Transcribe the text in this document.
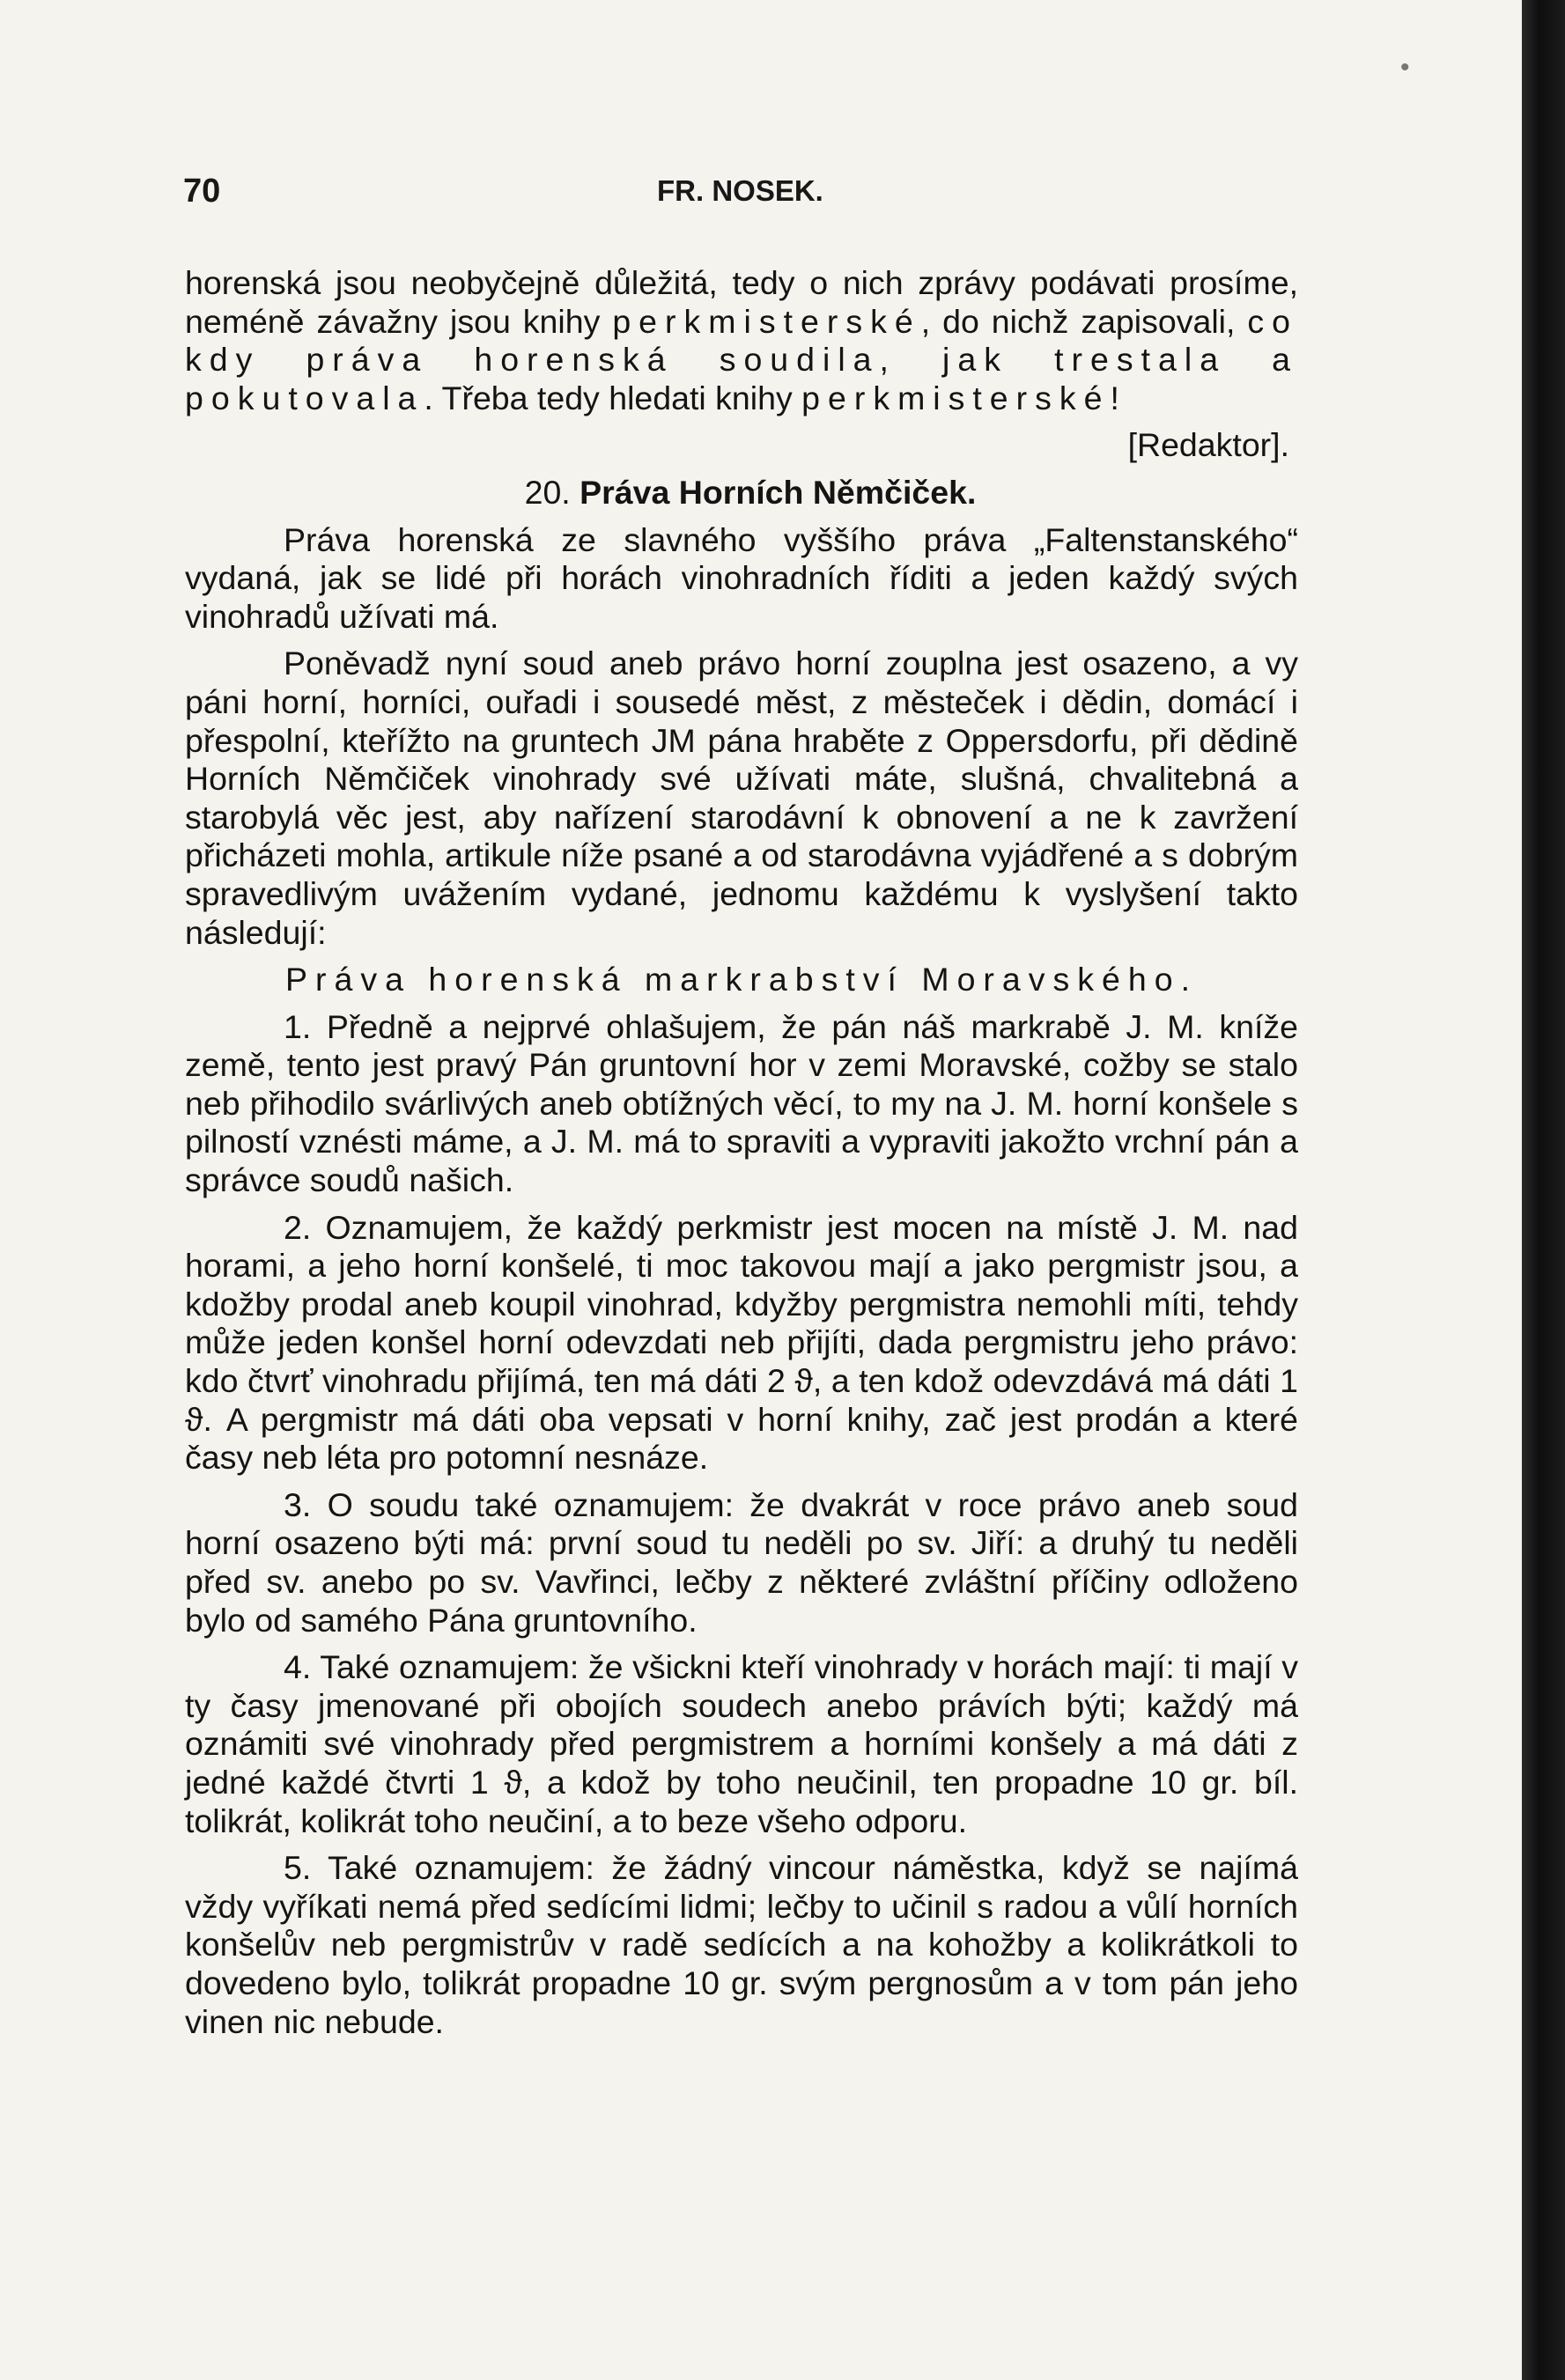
70	FR. NOSEK.

horenská jsou neobyčejně důležitá, tedy o nich zprávy podávati prosíme, neméně závažny jsou knihy perkmisterské, do nichž zapisovali, co kdy práva horenská soudila, jak trestala a pokutovala. Třeba tedy hledati knihy perkmisterské!

[Redaktor].

20. Práva Horních Němčiček.

Práva horenská ze slavného vyššího práva „Faltenstanského“ vydaná, jak se lidé při horách vinohradních říditi a jeden každý svých vinohradů užívati má.

Poněvadž nyní soud aneb právo horní zouplna jest osazeno, a vy páni horní, horníci, ouřadi i sousedé měst, z městeček i dědin, domácí i přespolní, kteřížto na gruntech JM pána hraběte z Oppersdorfu, při dědině Horních Němčiček vinohrady své užívati máte, slušná, chvalitebná a starobylá věc jest, aby nařízení starodávní k obnovení a ne k zavržení přicházeti mohla, artikule níže psané a od starodávna vyjádřené a s dobrým spravedlivým uvážením vydané, jednomu každému k vyslyšení takto následují:

Práva horenská markrabství Moravského.

1. Předně a nejprvé ohlašujem, že pán náš markrabě J. M. kníže země, tento jest pravý Pán gruntovní hor v zemi Moravské, cožby se stalo neb přihodilo svárlivých aneb obtížných věcí, to my na J. M. horní konšele s pilností vznésti máme, a J. M. má to spraviti a vypraviti jakožto vrchní pán a správce soudů našich.

2. Oznamujem, že každý perkmistr jest mocen na místě J. M. nad horami, a jeho horní konšelé, ti moc takovou mají a jako pergmistr jsou, a kdožby prodal aneb koupil vinohrad, kdyžby pergmistra nemohli míti, tehdy může jeden konšel horní odevzdati neb přijíti, dada pergmistru jeho právo: kdo čtvrť vinohradu přijímá, ten má dáti 2 ϑ, a ten kdož odevzdává má dáti 1 ϑ. A pergmistr má dáti oba vepsati v horní knihy, zač jest prodán a které časy neb léta pro potomní nesnáze.

3. O soudu také oznamujem: že dvakrát v roce právo aneb soud horní osazeno býti má: první soud tu neděli po sv. Jiří: a druhý tu neděli před sv. anebo po sv. Vavřinci, lečby z některé zvláštní příčiny odloženo bylo od samého Pána gruntovního.

4. Také oznamujem: že všickni kteří vinohrady v horách mají: ti mají v ty časy jmenované při obojích soudech anebo právích býti; každý má oznámiti své vinohrady před pergmistrem a horními konšely a má dáti z jedné každé čtvrti 1 ϑ, a kdož by toho neučinil, ten propadne 10 gr. bíl. tolikrát, kolikrát toho neučiní, a to beze všeho odporu.

5. Také oznamujem: že žádný vincour náměstka, když se najímá vždy vyříkati nemá před sedícími lidmi; lečby to učinil s radou a vůlí horních konšelův neb pergmistrův v radě sedících a na kohožby a kolikrátkoli to dovedeno bylo, tolikrát propadne 10 gr. svým pergnosům a v tom pán jeho vinen nic nebude.

•
